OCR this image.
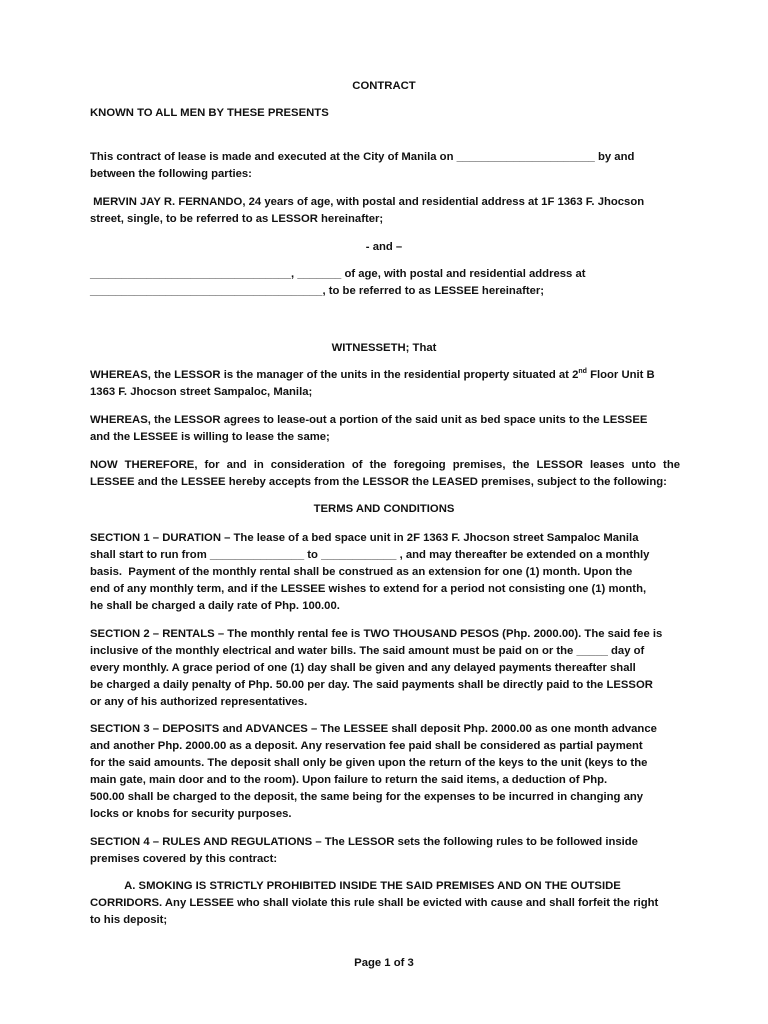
CONTRACT
KNOWN TO ALL MEN BY THESE PRESENTS
This contract of lease is made and executed at the City of Manila on ______________________ by and
between the following parties:
MERVIN JAY R. FERNANDO, 24 years of age, with postal and residential address at 1F 1363 F. Jhocson
street, single, to be referred to as LESSOR hereinafter;
- and –
________________________________, _______ of age, with postal and residential address at
_____________________________________, to be referred to as LESSEE hereinafter;
WITNESSETH; That
WHEREAS, the LESSOR is the manager of the units in the residential property situated at 2nd Floor Unit B
1363 F. Jhocson street Sampaloc, Manila;
WHEREAS, the LESSOR agrees to lease-out a portion of the said unit as bed space units to the LESSEE
and the LESSEE is willing to lease the same;
NOW THEREFORE, for and in consideration of the foregoing premises, the LESSOR leases unto the
LESSEE and the LESSEE hereby accepts from the LESSOR the LEASED premises, subject to the following:
TERMS AND CONDITIONS
SECTION 1 – DURATION – The lease of a bed space unit in 2F 1363 F. Jhocson street Sampaloc Manila
shall start to run from _______________ to ____________ , and may thereafter be extended on a monthly
basis.  Payment of the monthly rental shall be construed as an extension for one (1) month. Upon the
end of any monthly term, and if the LESSEE wishes to extend for a period not consisting one (1) month,
he shall be charged a daily rate of Php. 100.00.
SECTION 2 – RENTALS – The monthly rental fee is TWO THOUSAND PESOS (Php. 2000.00). The said fee is
inclusive of the monthly electrical and water bills. The said amount must be paid on or the _____ day of
every monthly. A grace period of one (1) day shall be given and any delayed payments thereafter shall
be charged a daily penalty of Php. 50.00 per day. The said payments shall be directly paid to the LESSOR
or any of his authorized representatives.
SECTION 3 – DEPOSITS and ADVANCES – The LESSEE shall deposit Php. 2000.00 as one month advance
and another Php. 2000.00 as a deposit. Any reservation fee paid shall be considered as partial payment
for the said amounts. The deposit shall only be given upon the return of the keys to the unit (keys to the
main gate, main door and to the room). Upon failure to return the said items, a deduction of Php.
500.00 shall be charged to the deposit, the same being for the expenses to be incurred in changing any
locks or knobs for security purposes.
SECTION 4 – RULES AND REGULATIONS – The LESSOR sets the following rules to be followed inside
premises covered by this contract:
A. SMOKING IS STRICTLY PROHIBITED INSIDE THE SAID PREMISES AND ON THE OUTSIDE
CORRIDORS. Any LESSEE who shall violate this rule shall be evicted with cause and shall forfeit the right
to his deposit;
Page 1 of 3
